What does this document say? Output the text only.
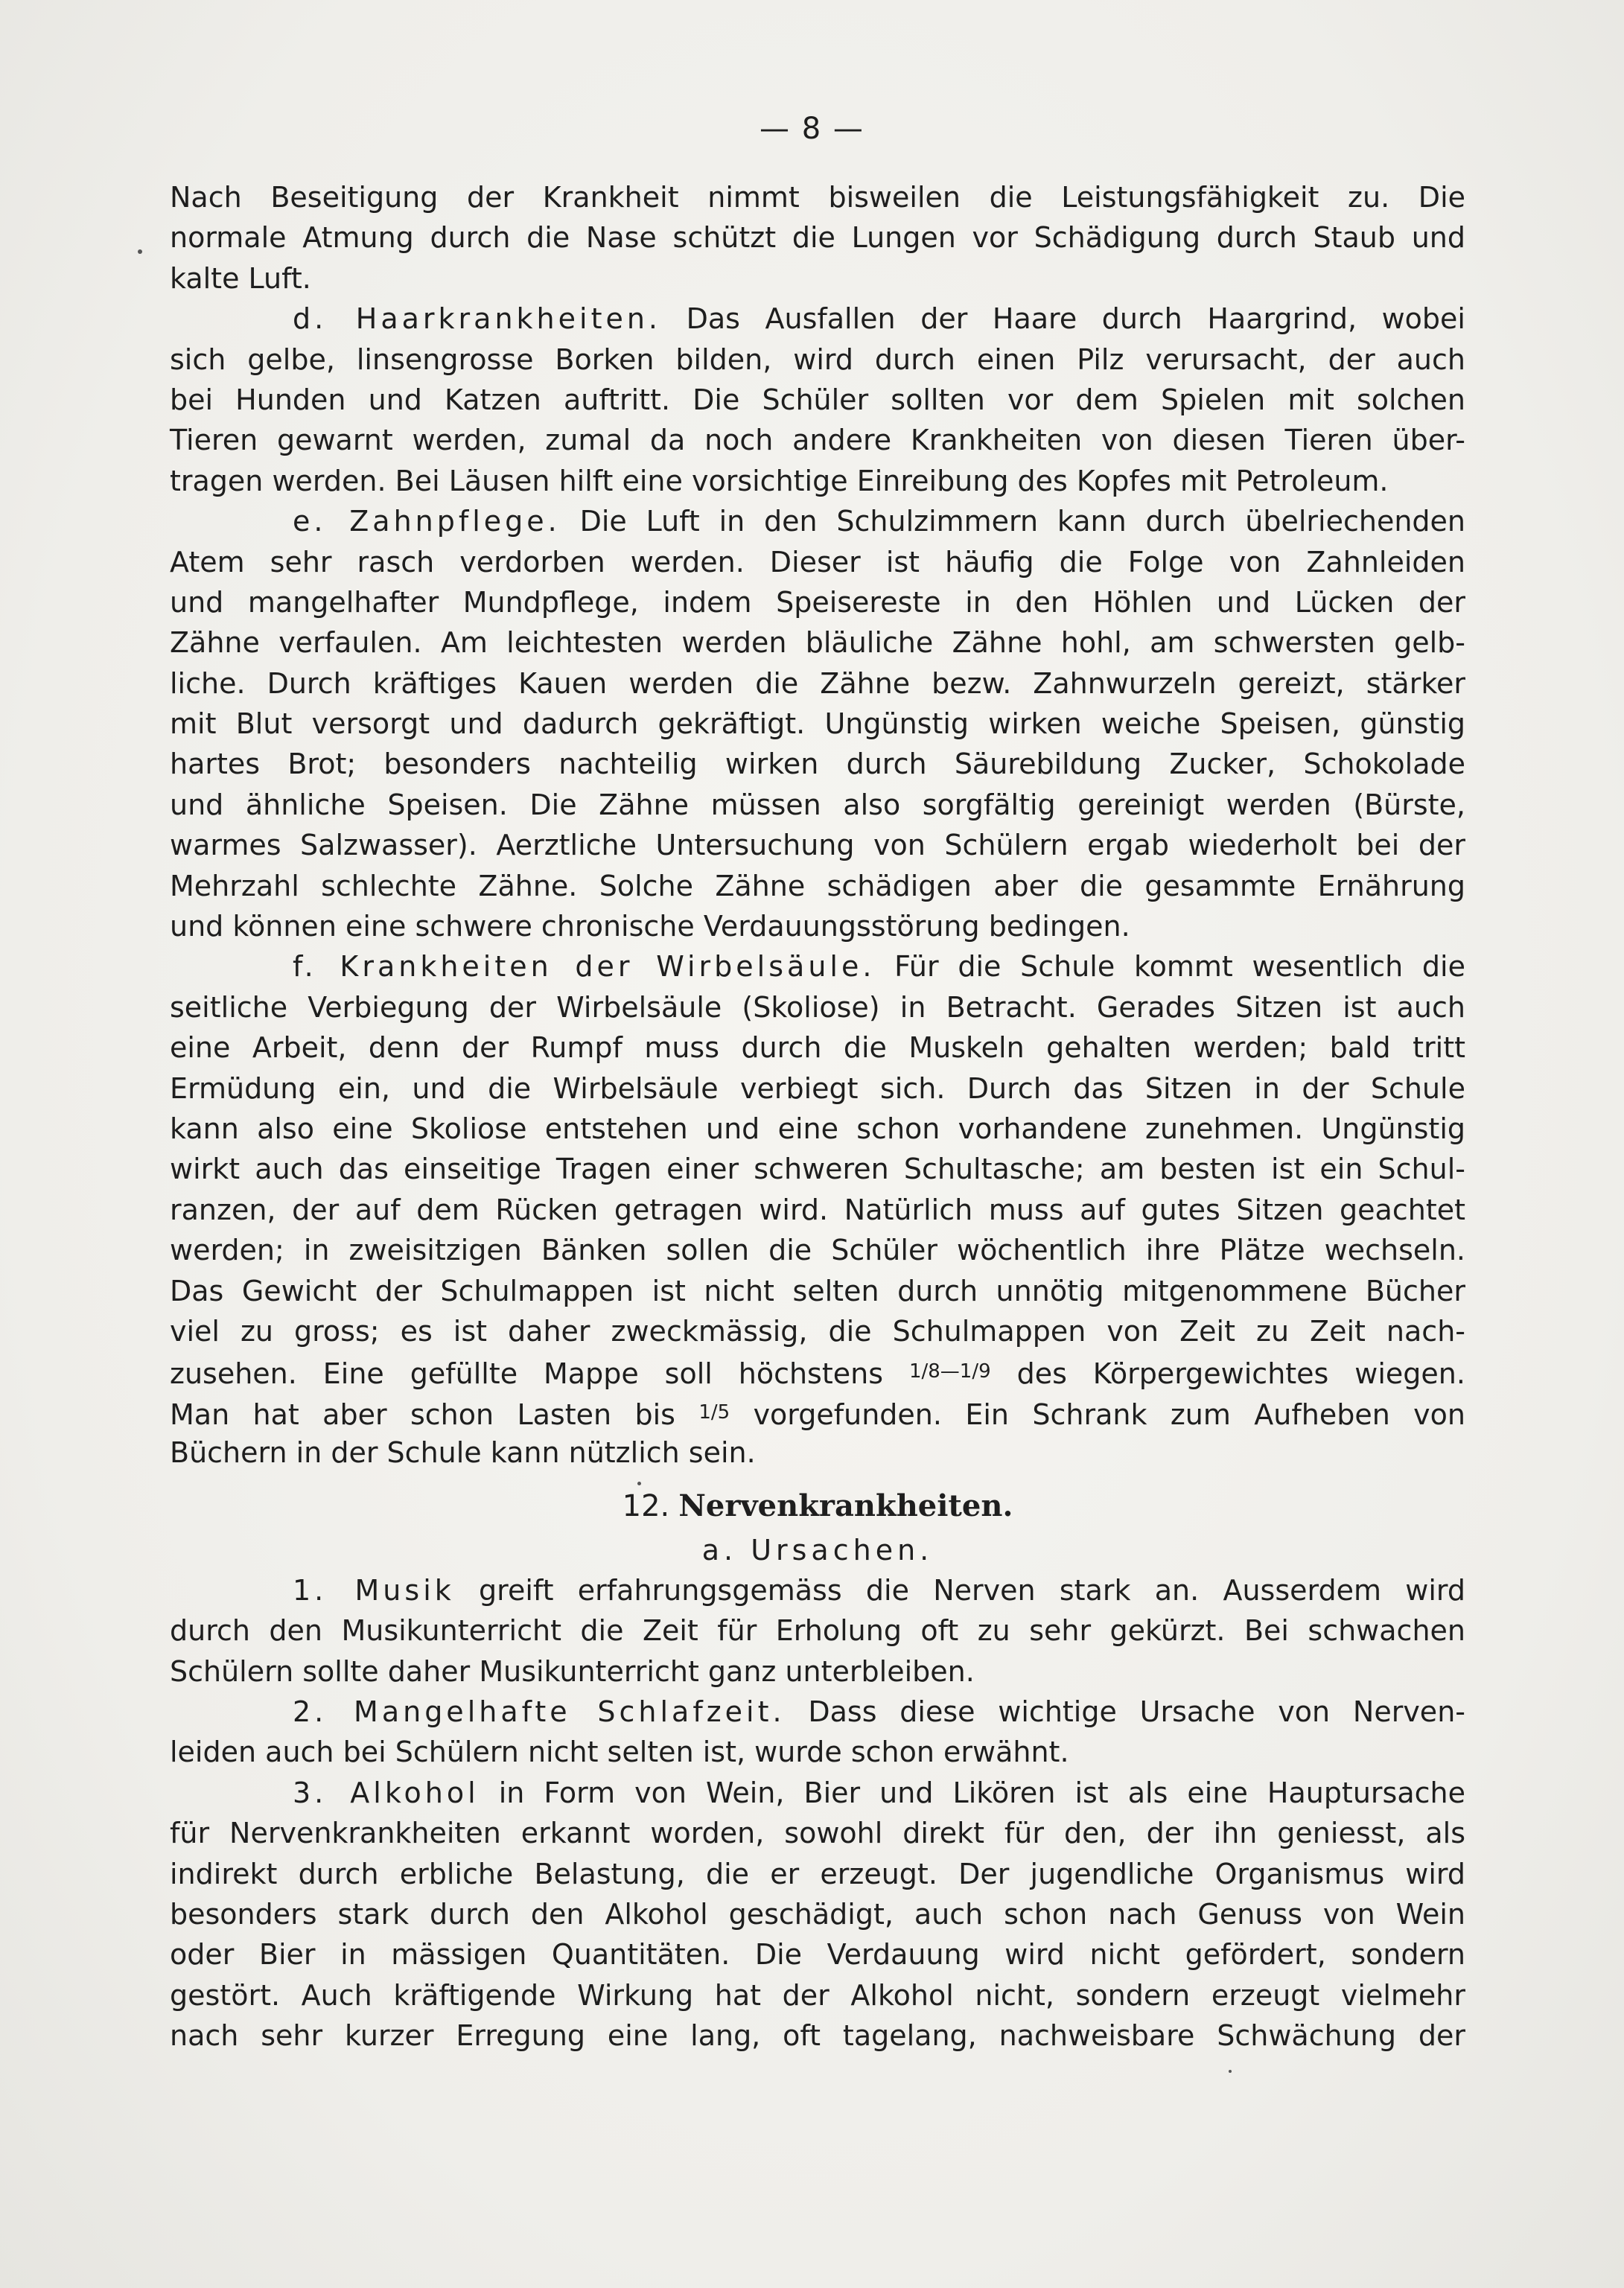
— 8 —
Nach Beseitigung der Krankheit nimmt bisweilen die Leistungsfähigkeit zu. Die
normale Atmung durch die Nase schützt die Lungen vor Schädigung durch Staub und
kalte Luft.
d. Haarkrankheiten. Das Ausfallen der Haare durch Haargrind, wobei
sich gelbe, linsengrosse Borken bilden, wird durch einen Pilz verursacht, der auch
bei Hunden und Katzen auftritt. Die Schüler sollten vor dem Spielen mit solchen
Tieren gewarnt werden, zumal da noch andere Krankheiten von diesen Tieren über-
tragen werden. Bei Läusen hilft eine vorsichtige Einreibung des Kopfes mit Petroleum.
e. Zahnpflege. Die Luft in den Schulzimmern kann durch übelriechenden
Atem sehr rasch verdorben werden. Dieser ist häufig die Folge von Zahnleiden
und mangelhafter Mundpflege, indem Speisereste in den Höhlen und Lücken der
Zähne verfaulen. Am leichtesten werden bläuliche Zähne hohl, am schwersten gelb-
liche. Durch kräftiges Kauen werden die Zähne bezw. Zahnwurzeln gereizt, stärker
mit Blut versorgt und dadurch gekräftigt. Ungünstig wirken weiche Speisen, günstig
hartes Brot; besonders nachteilig wirken durch Säurebildung Zucker, Schokolade
und ähnliche Speisen. Die Zähne müssen also sorgfältig gereinigt werden (Bürste,
warmes Salzwasser). Aerztliche Untersuchung von Schülern ergab wiederholt bei der
Mehrzahl schlechte Zähne. Solche Zähne schädigen aber die gesammte Ernährung
und können eine schwere chronische Verdauungsstörung bedingen.
f. Krankheiten der Wirbelsäule. Für die Schule kommt wesentlich die
seitliche Verbiegung der Wirbelsäule (Skoliose) in Betracht. Gerades Sitzen ist auch
eine Arbeit, denn der Rumpf muss durch die Muskeln gehalten werden; bald tritt
Ermüdung ein, und die Wirbelsäule verbiegt sich. Durch das Sitzen in der Schule
kann also eine Skoliose entstehen und eine schon vorhandene zunehmen. Ungünstig
wirkt auch das einseitige Tragen einer schweren Schultasche; am besten ist ein Schul-
ranzen, der auf dem Rücken getragen wird. Natürlich muss auf gutes Sitzen geachtet
werden; in zweisitzigen Bänken sollen die Schüler wöchentlich ihre Plätze wechseln.
Das Gewicht der Schulmappen ist nicht selten durch unnötig mitgenommene Bücher
viel zu gross; es ist daher zweckmässig, die Schulmappen von Zeit zu Zeit nach-
zusehen. Eine gefüllte Mappe soll höchstens $^{1/8—1/9}$ des Körpergewichtes wiegen.
Man hat aber schon Lasten bis $^{1/5}$ vorgefunden. Ein Schrank zum Aufheben von
Büchern in der Schule kann nützlich sein.
12. Nervenkrankheiten.
a. Ursachen.
1. Musik greift erfahrungsgemäss die Nerven stark an. Ausserdem wird
durch den Musikunterricht die Zeit für Erholung oft zu sehr gekürzt. Bei schwachen
Schülern sollte daher Musikunterricht ganz unterbleiben.
2. Mangelhafte Schlafzeit. Dass diese wichtige Ursache von Nerven-
leiden auch bei Schülern nicht selten ist, wurde schon erwähnt.
3. Alkohol in Form von Wein, Bier und Likören ist als eine Hauptursache
für Nervenkrankheiten erkannt worden, sowohl direkt für den, der ihn geniesst, als
indirekt durch erbliche Belastung, die er erzeugt. Der jugendliche Organismus wird
besonders stark durch den Alkohol geschädigt, auch schon nach Genuss von Wein
oder Bier in mässigen Quantitäten. Die Verdauung wird nicht gefördert, sondern
gestört. Auch kräftigende Wirkung hat der Alkohol nicht, sondern erzeugt vielmehr
nach sehr kurzer Erregung eine lang, oft tagelang, nachweisbare Schwächung der
